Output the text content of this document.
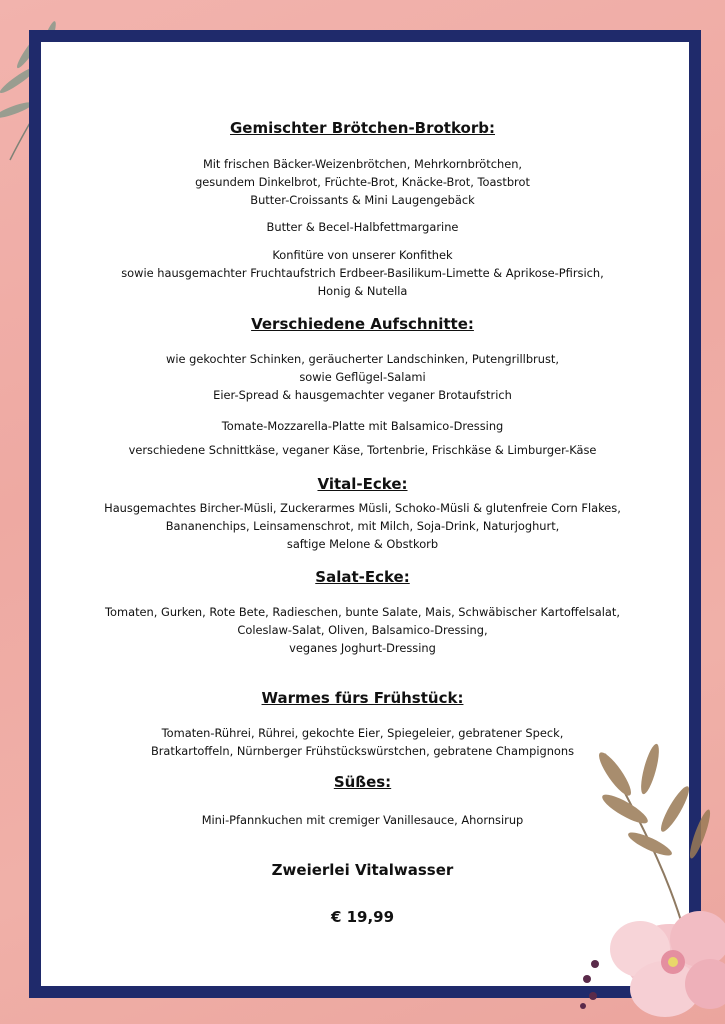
Gemischter Brötchen-Brotkorb:
Mit frischen Bäcker-Weizenbrötchen, Mehrkornbrötchen,
gesundem Dinkelbrot, Früchte-Brot, Knäcke-Brot, Toastbrot
Butter-Croissants & Mini Laugengebäck
Butter & Becel-Halbfettmargarine
Konfitüre von unserer Konfithek
sowie hausgemachter Fruchtaufstrich Erdbeer-Basilikum-Limette & Aprikose-Pfirsich,
Honig & Nutella
Verschiedene Aufschnitte:
wie gekochter Schinken, geräucherter Landschinken, Putengrillbrust,
sowie Geflügel-Salami
Eier-Spread & hausgemachter veganer Brotaufstrich
Tomate-Mozzarella-Platte mit Balsamico-Dressing
verschiedene Schnittkäse, veganer Käse, Tortenbrie, Frischkäse & Limburger-Käse
Vital-Ecke:
Hausgemachtes Bircher-Müsli, Zuckerarmes Müsli, Schoko-Müsli & glutenfreie Corn Flakes,
Bananenchips, Leinsamenschrot, mit Milch, Soja-Drink, Naturjoghurt,
saftige Melone & Obstkorb
Salat-Ecke:
Tomaten, Gurken, Rote Bete, Radieschen, bunte Salate, Mais, Schwäbischer Kartoffelsalat,
Coleslaw-Salat, Oliven, Balsamico-Dressing,
veganes Joghurt-Dressing
Warmes fürs Frühstück:
Tomaten-Rührei, Rührei, gekochte Eier, Spiegeleier, gebratener Speck,
Bratkartoffeln, Nürnberger Frühstückswürstchen, gebratene Champignons
Süßes:
Mini-Pfannkuchen mit cremiger Vanillesauce, Ahornsirup
Zweierlei Vitalwasser
€ 19,99
